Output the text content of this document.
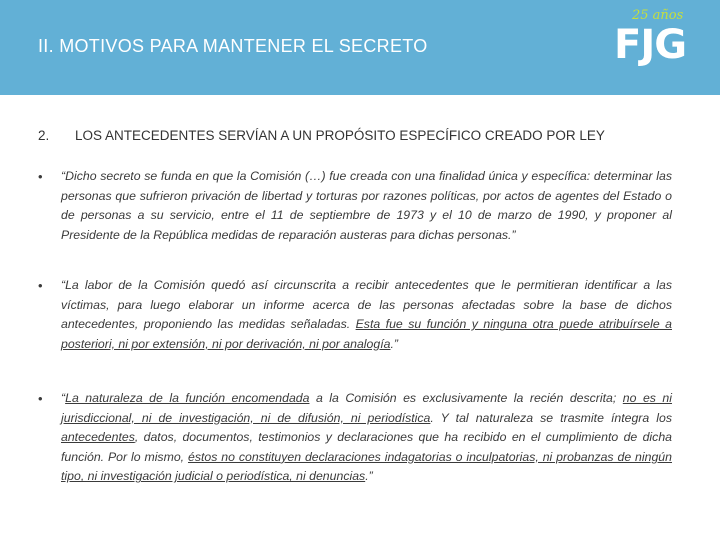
II. MOTIVOS PARA MANTENER EL SECRETO
25 años
FJG
2. LOS ANTECEDENTES SERVÍAN A UN PROPÓSITO ESPECÍFICO CREADO POR LEY
• “Dicho secreto se funda en que la Comisión (…) fue creada con una finalidad única y específica: determinar las personas que sufrieron privación de libertad y torturas por razones políticas, por actos de agentes del Estado o de personas a su servicio, entre el 11 de septiembre de 1973 y el 10 de marzo de 1990, y proponer al Presidente de la República medidas de reparación austeras para dichas personas.”
• “La labor de la Comisión quedó así circunscrita a recibir antecedentes que le permitieran identificar a las víctimas, para luego elaborar un informe acerca de las personas afectadas sobre la base de dichos antecedentes, proponiendo las medidas señaladas. Esta fue su función y ninguna otra puede atribuírsele a posteriori, ni por extensión, ni por derivación, ni por analogía.”
• “La naturaleza de la función encomendada a la Comisión es exclusivamente la recién descrita; no es ni jurisdiccional, ni de investigación, ni de difusión, ni periodística. Y tal naturaleza se trasmite íntegra los antecedentes, datos, documentos, testimonios y declaraciones que ha recibido en el cumplimiento de dicha función. Por lo mismo, éstos no constituyen declaraciones indagatorias o inculpatorias, ni probanzas de ningún tipo, ni investigación judicial o periodística, ni denuncias.”
